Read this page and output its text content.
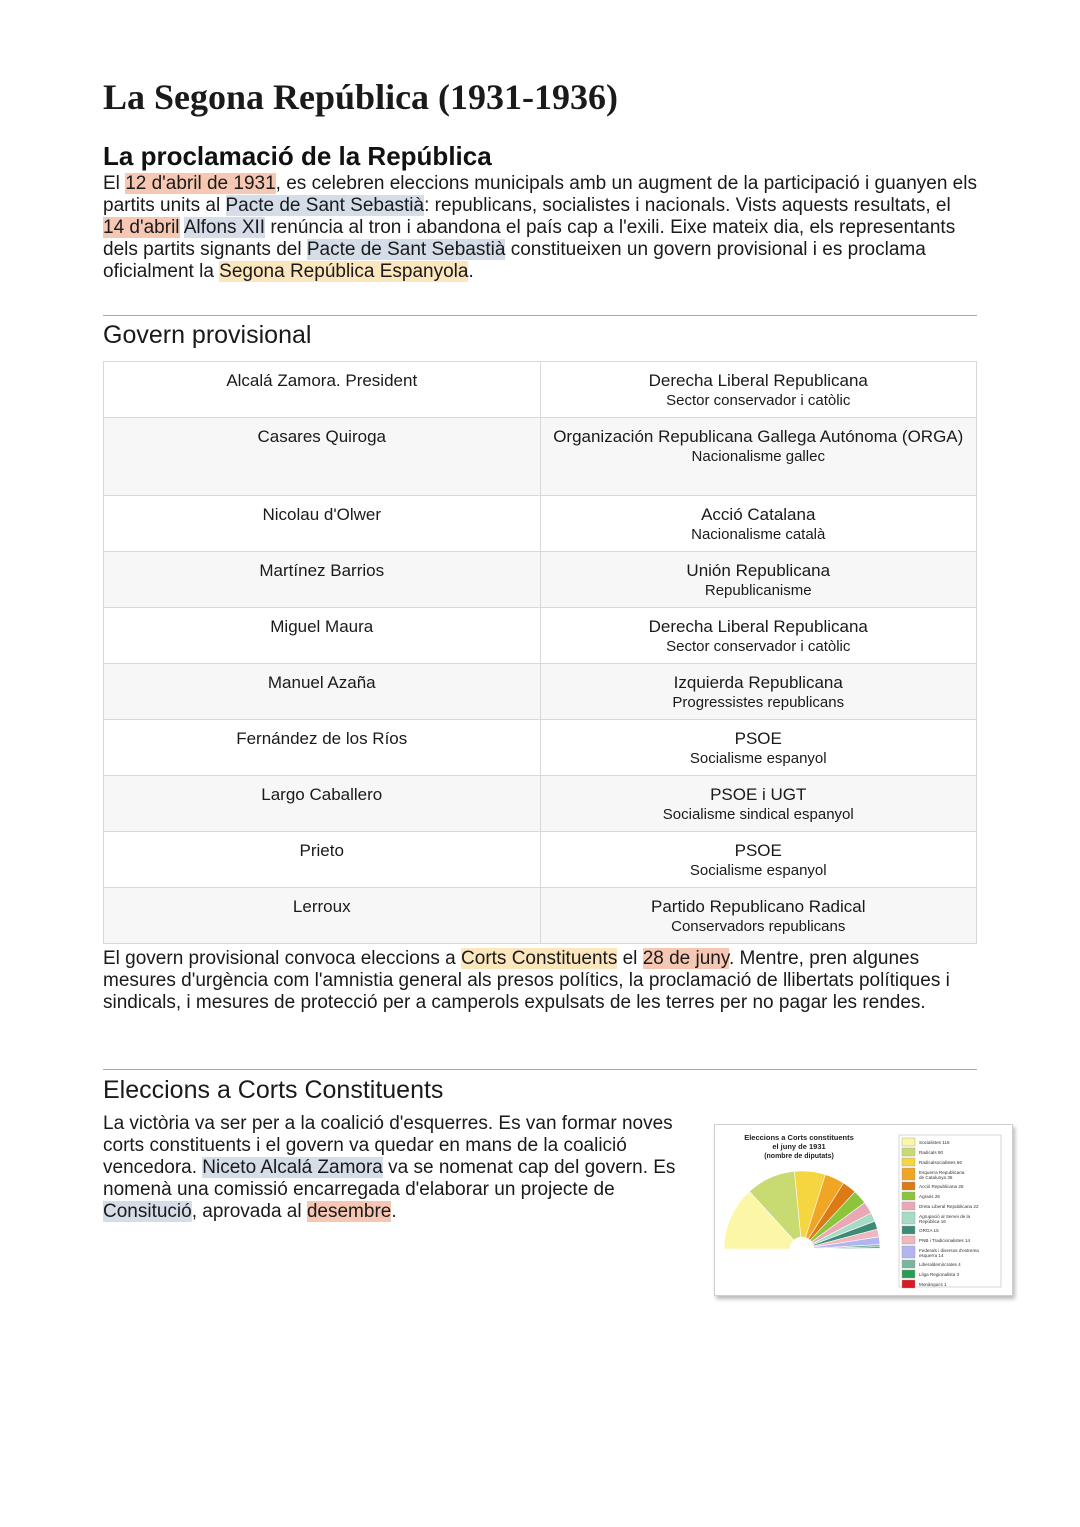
La Segona República (1931-1936)
La proclamació de la República

El 12 d'abril de 1931, es celebren eleccions municipals amb un augment de la participació i guanyen els partits units al Pacte de Sant Sebastià: republicans, socialistes i nacionals. Vists aquests resultats, el 14 d'abril Alfons XII renúncia al tron i abandona el país cap a l'exili. Eixe mateix dia, els representants dels partits signants del Pacte de Sant Sebastià constitueixen un govern provisional i es proclama oficialment la Segona República Espanyola.

Govern provisional
Alcalá Zamora. President	Derecha Liberal Republicana
Sector conservador i catòlic

Casares Quiroga	Organización Republicana Gallega Autónoma (ORGA)
Nacionalisme gallec

Nicolau d'Olwer	Acció Catalana
Nacionalisme català

Martínez Barrios	Unión Republicana
Republicanisme

Miguel Maura	Derecha Liberal Republicana
Sector conservador i catòlic

Manuel Azaña	Izquierda Republicana
Progressistes republicans

Fernández de los Ríos	PSOE
Socialisme espanyol

Largo Caballero	PSOE i UGT
Socialisme sindical espanyol

Prieto	PSOE
Socialisme espanyol

Lerroux	Partido Republicano Radical
Conservadors republicans

El govern provisional convoca eleccions a Corts Constituents el 28 de juny. Mentre, pren algunes mesures d'urgència com l'amnistia general als presos polítics, la proclamació de llibertats polítiques i sindicals, i mesures de protecció per a camperols expulsats de les terres per no pagar les rendes.

Eleccions a Corts Constituents

La victòria va ser per a la coalició d'esquerres. Es van formar noves corts constituents i el govern va quedar en mans de la coalició vencedora. Niceto Alcalá Zamora va se nomenat cap del govern. Es nomenà una comissió encarregada d'elaborar un projecte de Consitució, aprovada al desembre.

Eleccions a Corts constituents
el juny de 1931
(nombre de diputats)
Socialistes 116
Radicals 90
Radicalsocialistes 56
Esquerra Republicana de Catalunya 36
Acció Republicana 26
Agraris 26
Dreta Liberal Republicana 22
Agrupació al Servei de la República 16
ORGA 15
PNB i Tradicionalistes 14
Federals i diversos d'extrema esquerra 14
Liberaldemòcrates 4
Lliga Regionalista 3
Monàrquics 1
